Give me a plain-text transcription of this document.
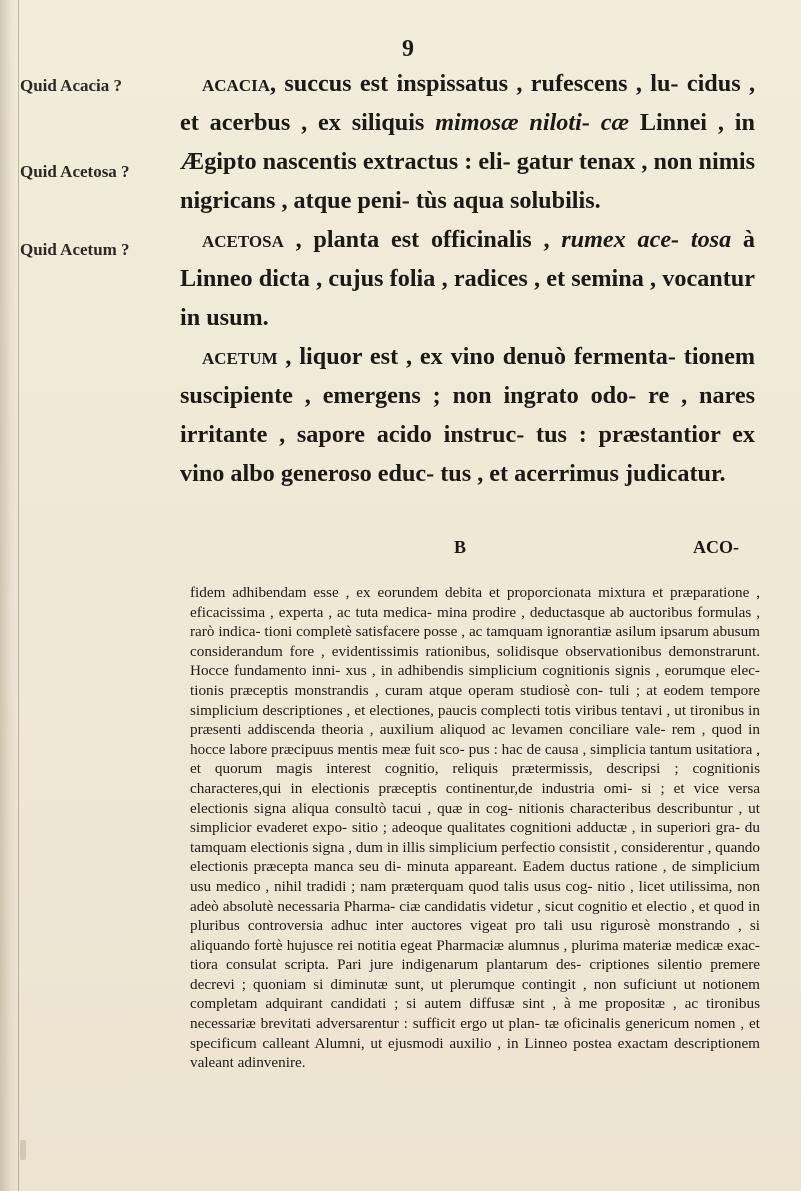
9
Quid Acacia ?
Quid Acetosa ?
Quid Acetum ?

acacia, succus est inspissatus , rufescens , lu- cidus , et acerbus , ex siliquis mimosæ niloti- cæ Linnei , in Ægipto nascentis extractus : eli- gatur tenax , non nimis nigricans , atque peni- tùs aqua solubilis.

acetosa , planta est officinalis , rumex ace- tosa à Linneo dicta , cujus folia , radices , et semina , vocantur in usum.

acetum , liquor est , ex vino denuò fermenta- tionem suscipiente , emergens ; non ingrato odo- re , nares irritante , sapore acido instruc- tus : præstantior ex vino albo generoso educ- tus , et acerrimus judicatur.

B	ACO-

fidem adhibendam esse , ex eorundem debita et proporcionata mixtura et præparatione , eficacissima , experta , ac tuta medica- mina prodire , deductasque ab auctoribus formulas , rarò indica- tioni completè satisfacere posse , ac tamquam ignorantiæ asilum ipsarum abusum considerandum fore , evidentissimis rationibus, solidisque observationibus demonstrarunt. Hocce fundamento inni- xus , in adhibendis simplicium cognitionis signis , eorumque elec- tionis præceptis monstrandis , curam atque operam studiosè con- tuli ; at eodem tempore simplicium descriptiones , et electiones, paucis complecti totis viribus tentavi , ut tironibus in præsenti addiscenda theoria , auxilium aliquod ac levamen conciliare vale- rem , quod in hocce labore præcipuus mentis meæ fuit sco- pus : hac de causa , simplicia tantum usitatiora , et quorum magis interest cognitio, reliquis prætermissis, descripsi ; cognitionis characteres,qui in electionis præceptis continentur,de industria omi- si ; et vice versa electionis signa aliqua consultò tacui , quæ in cog- nitionis characteribus describuntur , ut simplicior evaderet expo- sitio ; adeoque qualitates cognitioni adductæ , in superiori gra- du tamquam electionis signa , dum in illis simplicium perfectio consistit , considerentur , quando electionis præcepta manca seu di- minuta appareant. Eadem ductus ratione , de simplicium usu medico , nihil tradidi ; nam præterquam quod talis usus cog- nitio , licet utilissima, non adeò absolutè necessaria Pharma- ciæ candidatis videtur , sicut cognitio et electio , et quod in pluribus controversia adhuc inter auctores vigeat pro tali usu rigurosè monstrando , si aliquando fortè hujusce rei notitia egeat Pharmaciæ alumnus , plurima materiæ medicæ exac- tiora consulat scripta. Pari jure indigenarum plantarum des- criptiones silentio premere decrevi ; quoniam si diminutæ sunt, ut plerumque contingit , non suficiunt ut notionem completam adquirant candidati ; si autem diffusæ sint , à me propositæ , ac tironibus necessariæ brevitati adversarentur : sufficit ergo ut plan- tæ oficinalis genericum nomen , et specificum calleant Alumni, ut ejusmodi auxilio , in Linneo postea exactam descriptionem valeant adinvenire.
